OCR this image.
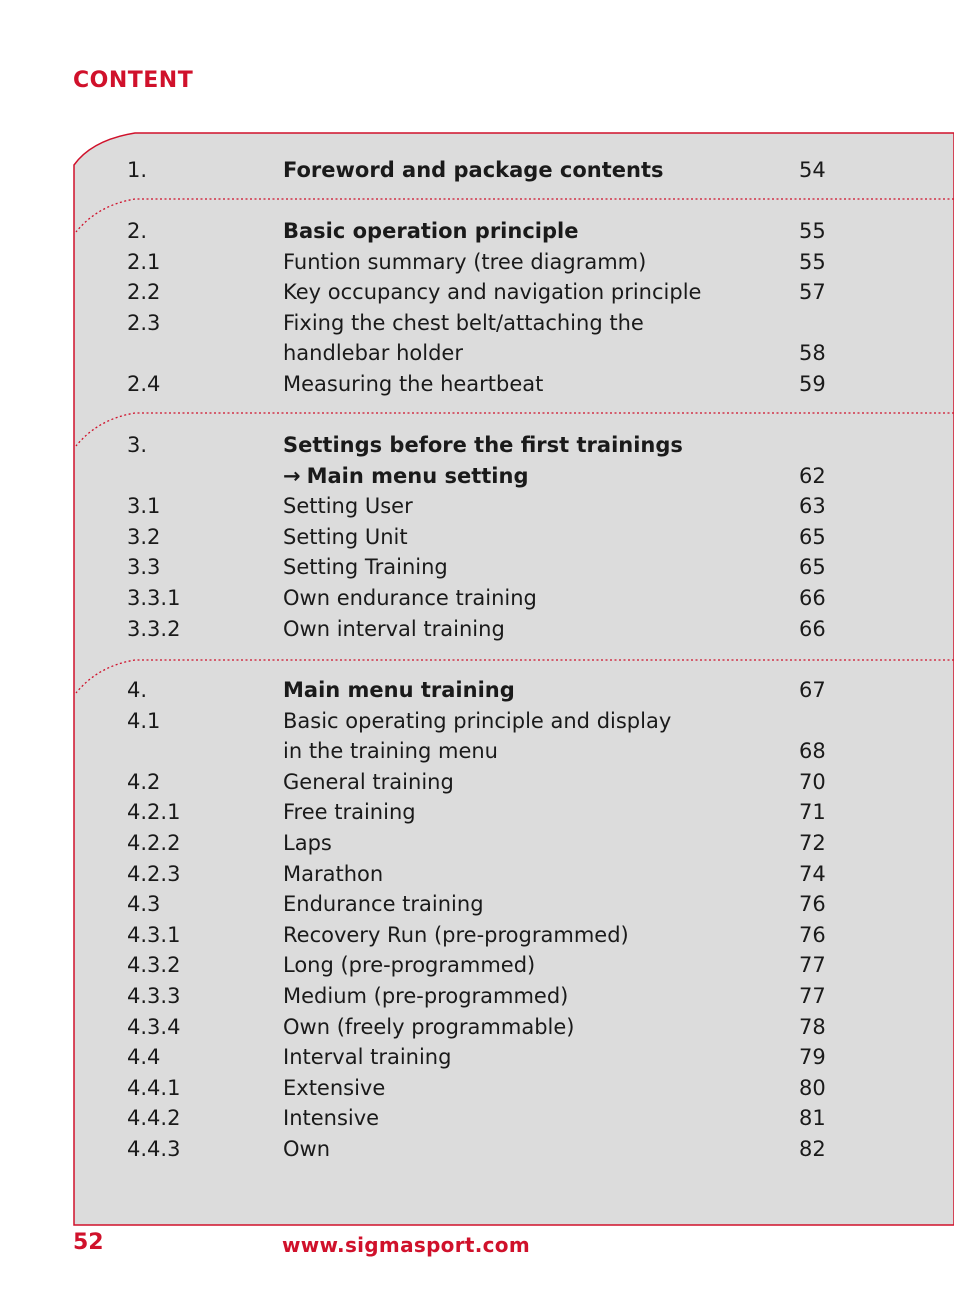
CONTENT
1.	Foreword and package contents	54
2.	Basic operation principle	55
2.1	Funtion summary (tree diagramm)	55
2.2	Key occupancy and navigation principle	57
2.3	Fixing the chest belt/attaching the
handlebar holder	58
2.4	Measuring the heartbeat	59
3.	Settings before the first trainings
→ Main menu setting	62
3.1	Setting User	63
3.2	Setting Unit	65
3.3	Setting Training	65
3.3.1	Own endurance training	66
3.3.2	Own interval training	66
4.	Main menu training	67
4.1	Basic operating principle and display
in the training menu	68
4.2	General training	70
4.2.1	Free training	71
4.2.2	Laps	72
4.2.3	Marathon	74
4.3	Endurance training	76
4.3.1	Recovery Run (pre-programmed)	76
4.3.2	Long (pre-programmed)	77
4.3.3	Medium (pre-programmed)	77
4.3.4	Own (freely programmable)	78
4.4	Interval training	79
4.4.1	Extensive	80
4.4.2	Intensive	81
4.4.3	Own	82
52	www.sigmasport.com
